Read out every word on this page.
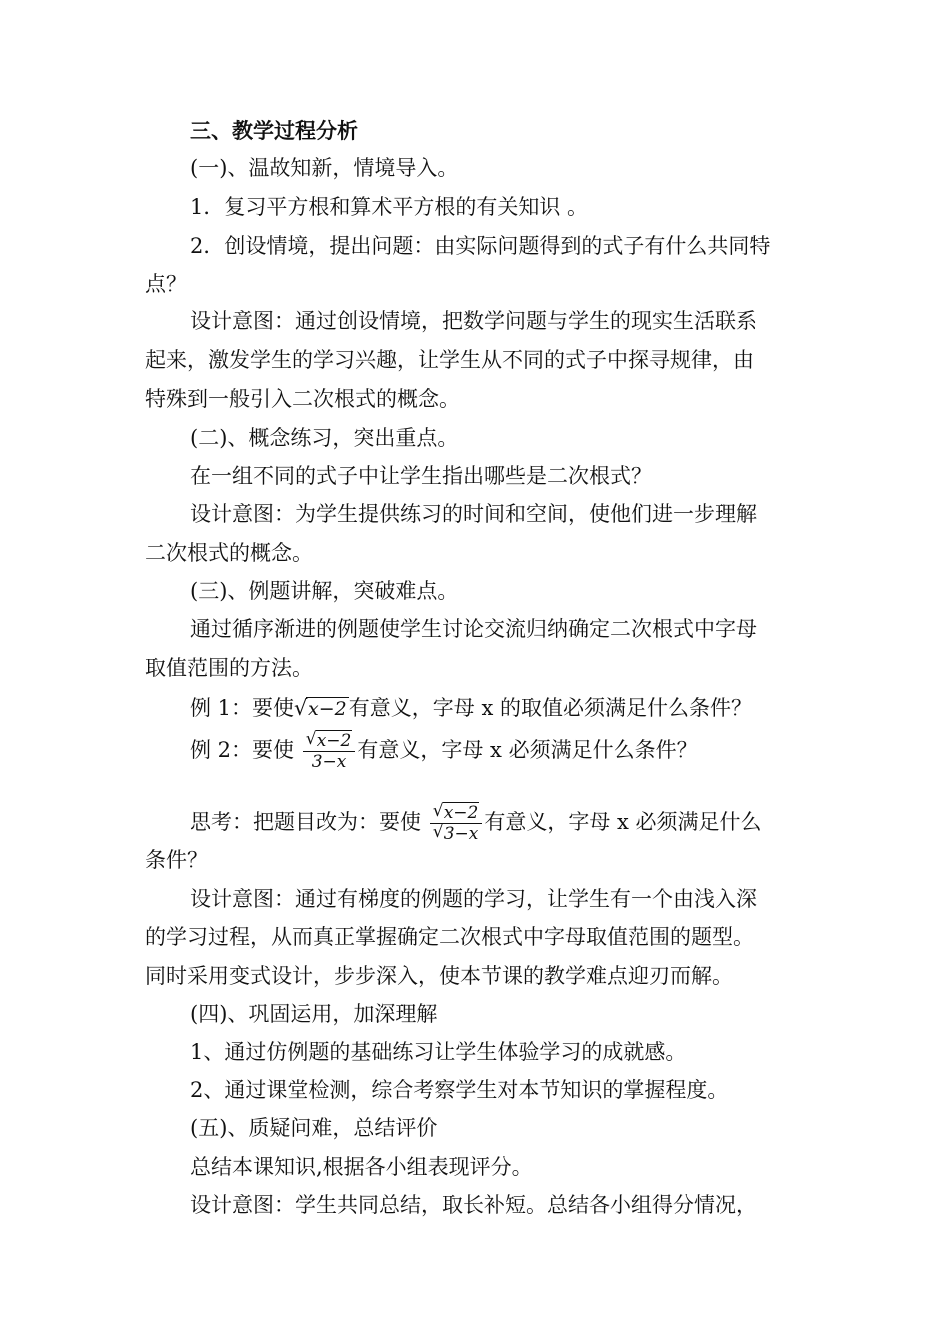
三、教学过程分析
(一)、温故知新，情境导入。
1．复习平方根和算术平方根的有关知识 。
2．创设情境，提出问题：由实际问题得到的式子有什么共同特
点？
设计意图：通过创设情境，把数学问题与学生的现实生活联系
起来，激发学生的学习兴趣，让学生从不同的式子中探寻规律，由
特殊到一般引入二次根式的概念。
(二)、概念练习，突出重点。
在一组不同的式子中让学生指出哪些是二次根式？
设计意图：为学生提供练习的时间和空间，使他们进一步理解
二次根式的概念。
(三)、例题讲解，突破难点。
通过循序渐进的例题使学生讨论交流归纳确定二次根式中字母
取值范围的方法。
例 1：要使 √ x−2有意义，字母 x 的取值必须满足什么条件？
例 2：要使 $\frac{√ x-2}{3-x}$ 有意义，字母 x 必须满足什么条件？
思考：把题目改为：要使 $\frac{√ x-2}{√ 3-x}$ 有意义，字母 x 必须满足什么
条件？
设计意图：通过有梯度的例题的学习，让学生有一个由浅入深
的学习过程，从而真正掌握确定二次根式中字母取值范围的题型。
同时采用变式设计，步步深入，使本节课的教学难点迎刃而解。
(四)、巩固运用，加深理解
1、通过仿例题的基础练习让学生体验学习的成就感。
2、通过课堂检测，综合考察学生对本节知识的掌握程度。
(五)、质疑问难，总结评价
总结本课知识,根据各小组表现评分。
设计意图：学生共同总结，取长补短。总结各小组得分情况，
